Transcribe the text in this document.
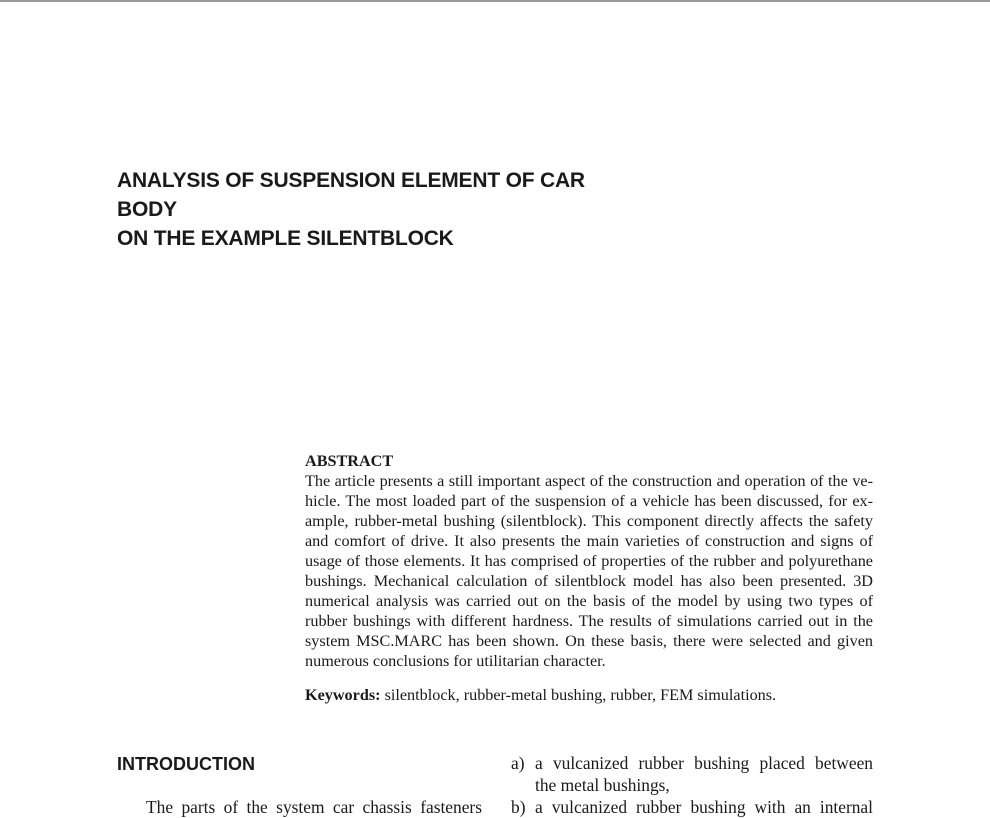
ANALYSIS OF SUSPENSION ELEMENT OF CAR
BODY
ON THE EXAMPLE SILENTBLOCK
ABSTRACT
The article presents a still important aspect of the construction and operation of the ve-
hicle. The most loaded part of the suspension of a vehicle has been discussed, for ex-
ample, rubber-metal bushing (silentblock). This component directly affects the safety
and comfort of drive. It also presents the main varieties of construction and signs of
usage of those elements. It has comprised of properties of the rubber and polyurethane
bushings. Mechanical calculation of silentblock model has also been presented. 3D
numerical analysis was carried out on the basis of the model by using two types of
rubber bushings with different hardness. The results of simulations carried out in the
system MSC.MARC has been shown. On these basis, there were selected and given
numerous conclusions for utilitarian character.
Keywords: silentblock, rubber-metal bushing, rubber, FEM simulations.
INTRODUCTION
The parts of the system car chassis fasteners
a) a vulcanized rubber bushing placed between
the metal bushings,
b) a vulcanized rubber bushing with an internal
